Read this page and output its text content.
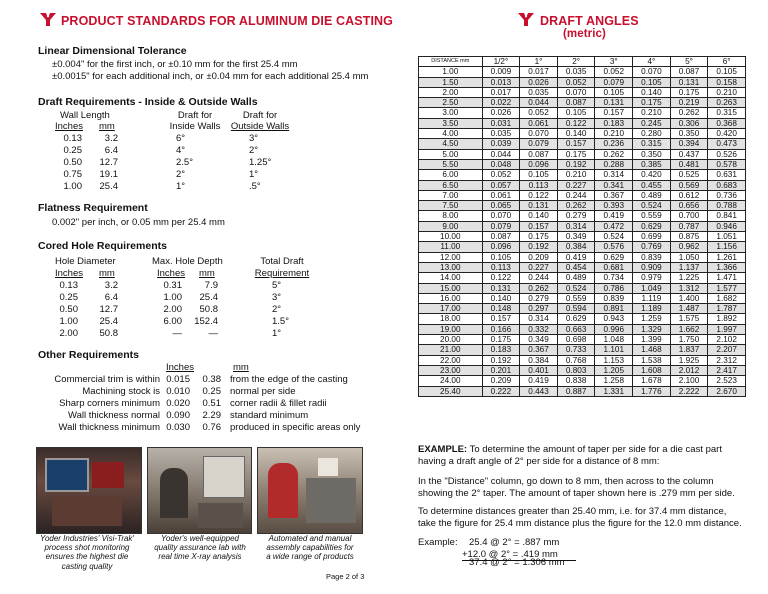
PRODUCT STANDARDS FOR ALUMINUM DIE CASTING
Linear Dimensional Tolerance
±0.004" for the first inch, or ±0.10 mm for the first 25.4 mm
±0.0015" for each additional inch, or ±0.04 mm for each additional 25.4 mm
Draft Requirements - Inside & Outside Walls
Wall Length	Draft for
Inside Walls
Draft for
Outside Walls
Inches mm
0.13	3.2	6°	3°
0.25	6.4	4°	2°
0.50	12.7	2.5°	1.25°
0.75	19.1	2°	1°
1.00	25.4	1°	.5°
Flatness Requirement
0.002" per inch, or 0.05 mm per 25.4 mm
Cored Hole Requirements
Hole Diameter	Max. Hole Depth	Total Draft
Requirement
Inches mm	Inches mm
0.13	3.2	0.31	7.9	5°
0.25	6.4	1.00	25.4	3°
0.50	12.7	2.00	50.8	2°
1.00	25.4	6.00	152.4	1.5°
2.00	50.8	—	—	1°
Other Requirements
Inches	mm
Commercial trim is within 0.015	0.38 from the edge of the casting
Machining stock is 0.010	0.25 normal per side
Sharp corners minimum 0.020	0.51 corner radii & fillet radii
Wall thickness normal 0.090	2.29 standard minimum
Wall thickness minimum 0.030	0.76 produced in specific areas only
Yoder Industries' Visi-Trak'
process shot monitoring
ensures the highest die
casting quality
Yoder's well-equipped
quality assurance lab with
real time X-ray analysis
Automated and manual
assembly capabilities for
a wide range of products
Page 2 of 3
DRAFT ANGLES
(metric)
DISTANCE mm	1/2°	1°	2°	3°	4°	5°	6°
1.00	0.009	0.017	0.035	0.052	0.070	0.087	0.105
1.50	0.013	0.026	0.052	0.079	0.105	0.131	0.158
2.00	0.017	0.035	0.070	0.105	0.140	0.175	0.210
2.50	0.022	0.044	0.087	0.131	0.175	0.219	0.263
3.00	0.026	0.052	0.105	0.157	0.210	0.262	0.315
3.50	0.031	0.061	0.122	0.183	0.245	0.306	0.368
4.00	0.035	0.070	0.140	0.210	0.280	0.350	0.420
4.50	0.039	0.079	0.157	0.236	0.315	0.394	0.473
5.00	0.044	0.087	0.175	0.262	0.350	0.437	0.526
5.50	0.048	0.096	0.192	0.288	0.385	0.481	0.578
6.00	0.052	0.105	0.210	0.314	0.420	0.525	0.631
6.50	0.057	0.113	0.227	0.341	0.455	0.569	0.683
7.00	0.061	0.122	0.244	0.367	0.489	0.612	0.736
7.50	0.065	0.131	0.262	0.393	0.524	0.656	0.788
8.00	0.070	0.140	0.279	0.419	0.559	0.700	0.841
9.00	0.079	0.157	0.314	0.472	0.629	0.787	0.946
10.00	0.087	0.175	0.349	0.524	0.699	0.875	1.051
11.00	0.096	0.192	0.384	0.576	0.769	0.962	1.156
12.00	0.105	0.209	0.419	0.629	0.839	1.050	1.261
13.00	0.113	0.227	0.454	0.681	0.909	1.137	1.366
14.00	0.122	0.244	0.489	0.734	0.979	1.225	1.471
15.00	0.131	0.262	0.524	0.786	1.049	1.312	1.577
16.00	0.140	0.279	0.559	0.839	1.119	1.400	1.682
17.00	0.148	0.297	0.594	0.891	1.189	1.487	1.787
18.00	0.157	0.314	0.629	0.943	1.259	1.575	1.892
19.00	0.166	0.332	0.663	0.996	1.329	1.662	1.997
20.00	0.175	0.349	0.698	1.048	1.399	1.750	2.102
21.00	0.183	0.367	0.733	1.101	1.468	1.837	2.207
22.00	0.192	0.384	0.768	1.153	1.538	1.925	2.312
23.00	0.201	0.401	0.803	1.205	1.608	2.012	2.417
24.00	0.209	0.419	0.838	1.258	1.678	2.100	2.523
25.40	0.222	0.443	0.887	1.331	1.776	2.222	2.670
EXAMPLE: To determine the amount of taper per side for a die cast part
having a draft angle of 2° per side for a distance of 8 mm:
In the "Distance" column, go down to 8 mm, then across to the column
showing the 2° taper. The amount of taper shown here is .279 mm per side.
To determine distances greater than 25.40 mm, i.e. for 37.4 mm distance,
take the figure for 25.4 mm distance plus the figure for the 12.0 mm distance.
Example: 25.4 @ 2° = .887 mm
+12.0 @ 2° = .419 mm
37.4 @ 2° = 1.306 mm
